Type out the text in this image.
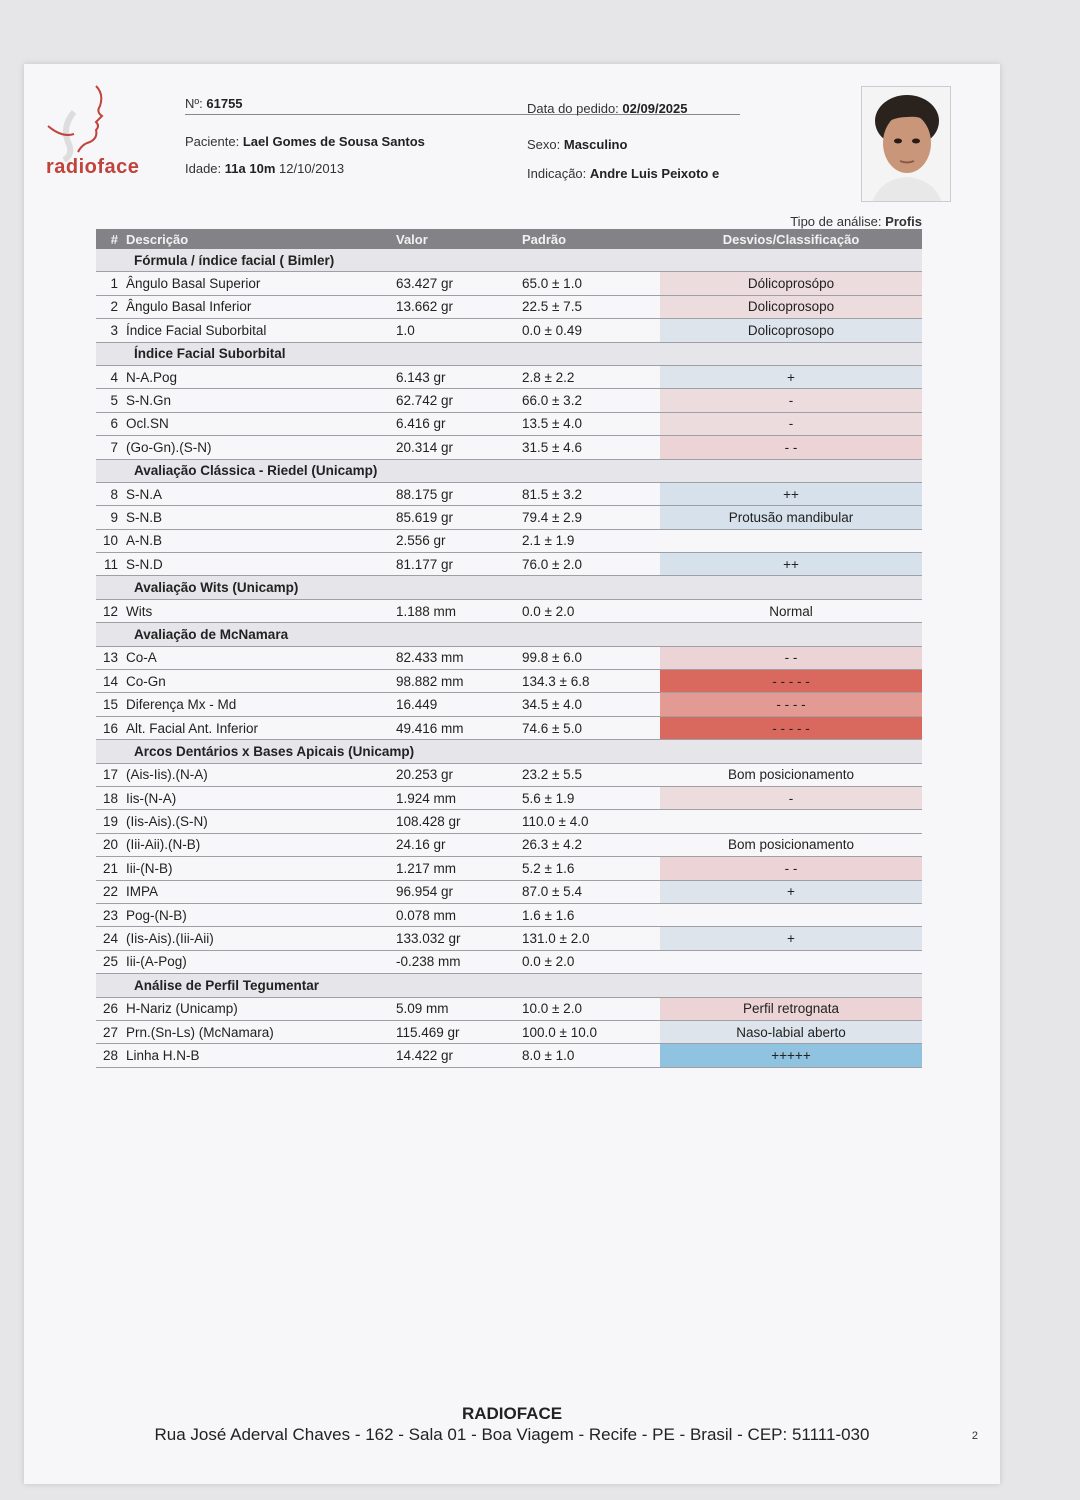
radioface
Nº: 61755	Data do pedido: 02/09/2025
Paciente: Lael Gomes de Sousa Santos	Sexo: Masculino
Idade: 11a 10m 12/10/2013	Indicação: Andre Luis Peixoto e
Tipo de análise: Profis
# Descrição	Valor	Padrão	Desvios/Classificação
Fórmula / índice facial ( Bimler)
1 Ângulo Basal Superior	63.427 gr	65.0 ± 1.0	Dólicoprosópo
2 Ângulo Basal Inferior	13.662 gr	22.5 ± 7.5	Dolicoprosopo
3 Índice Facial Suborbital	1.0	0.0 ± 0.49	Dolicoprosopo
Índice Facial Suborbital
4 N-A.Pog	6.143 gr	2.8 ± 2.2	+
5 S-N.Gn	62.742 gr	66.0 ± 3.2	-
6 Ocl.SN	6.416 gr	13.5 ± 4.0	-
7 (Go-Gn).(S-N)	20.314 gr	31.5 ± 4.6	- -
Avaliação Clássica - Riedel (Unicamp)
8 S-N.A	88.175 gr	81.5 ± 3.2	++
9 S-N.B	85.619 gr	79.4 ± 2.9	Protusão mandibular
10 A-N.B	2.556 gr	2.1 ± 1.9
11 S-N.D	81.177 gr	76.0 ± 2.0	++
Avaliação Wits (Unicamp)
12 Wits	1.188 mm	0.0 ± 2.0	Normal
Avaliação de McNamara
13 Co-A	82.433 mm	99.8 ± 6.0	- -
14 Co-Gn	98.882 mm	134.3 ± 6.8	- - - - -
15 Diferença Mx - Md	16.449	34.5 ± 4.0	- - - -
16 Alt. Facial Ant. Inferior	49.416 mm	74.6 ± 5.0	- - - - -
Arcos Dentários x Bases Apicais (Unicamp)
17 (Ais-Iis).(N-A)	20.253 gr	23.2 ± 5.5	Bom posicionamento
18 Iis-(N-A)	1.924 mm	5.6 ± 1.9	-
19 (Iis-Ais).(S-N)	108.428 gr	110.0 ± 4.0
20 (Iii-Aii).(N-B)	24.16 gr	26.3 ± 4.2	Bom posicionamento
21 Iii-(N-B)	1.217 mm	5.2 ± 1.6	- -
22 IMPA	96.954 gr	87.0 ± 5.4	+
23 Pog-(N-B)	0.078 mm	1.6 ± 1.6
24 (Iis-Ais).(Iii-Aii)	133.032 gr	131.0 ± 2.0	+
25 Iii-(A-Pog)	-0.238 mm	0.0 ± 2.0
Análise de Perfil Tegumentar
26 H-Nariz (Unicamp)	5.09 mm	10.0 ± 2.0	Perfil retrognata
27 Prn.(Sn-Ls) (McNamara)	115.469 gr	100.0 ± 10.0	Naso-labial aberto
28 Linha H.N-B	14.422 gr	8.0 ± 1.0	+++++
RADIOFACE
Rua José Aderval Chaves - 162 - Sala 01 - Boa Viagem - Recife - PE - Brasil - CEP: 51111-030	2
